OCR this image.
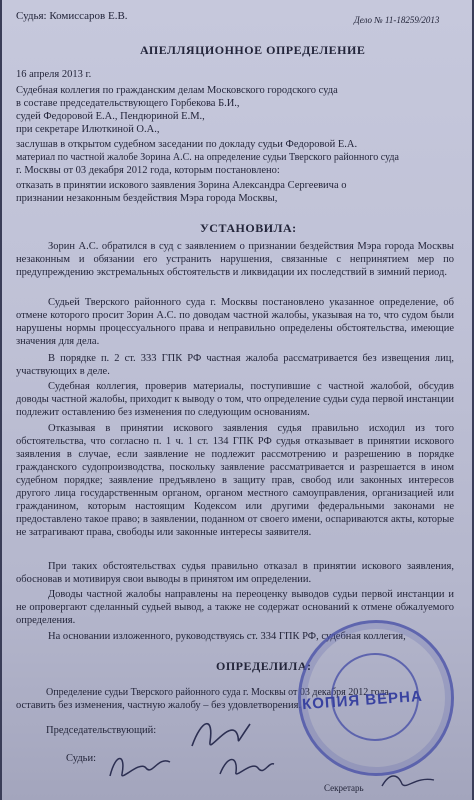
Судья: Комиссаров Е.В.	Дело № 11-18259/2013
АПЕЛЛЯЦИОННОЕ ОПРЕДЕЛЕНИЕ
16 апреля 2013 г.
Судебная коллегия по гражданским делам Московского городского суда
в составе председательствующего Горбекова Б.И.,
судей Федоровой Е.А., Пендюриной Е.М.,
при секретаре Илюткиной О.А.,
заслушав в открытом судебном заседании по докладу судьи Федоровой Е.А.
материал по частной жалобе Зорина А.С. на определение судьи Тверского районного суда
г. Москвы от 03 декабря 2012 года, которым постановлено:
отказать в принятии искового заявления Зорина Александра Сергеевича о
признании незаконным бездействия Мэра города Москвы,
УСТАНОВИЛА:
Зорин А.С. обратился в суд с заявлением о признании бездействия Мэра города Москвы незаконным и обязании его устранить нарушения, связанные с непринятием мер по предупреждению экстремальных обстоятельств и ликвидации их последствий в зимний период.
Судьей Тверского районного суда г. Москвы постановлено указанное определение, об отмене которого просит Зорин А.С. по доводам частной жалобы, указывая на то, что судом были нарушены нормы процессуального права и неправильно определены обстоятельства, имеющие значения для дела.
В порядке п. 2 ст. 333 ГПК РФ частная жалоба рассматривается без извещения лиц, участвующих в деле.
Судебная коллегия, проверив материалы, поступившие с частной жалобой, обсудив доводы частной жалобы, приходит к выводу о том, что определение судьи суда первой инстанции подлежит оставлению без изменения по следующим основаниям.
Отказывая в принятии искового заявления судья правильно исходил из того обстоятельства, что согласно п. 1 ч. 1 ст. 134 ГПК РФ судья отказывает в принятии искового заявления в случае, если заявление не подлежит рассмотрению и разрешению в порядке гражданского судопроизводства, поскольку заявление рассматривается и разрешается в ином судебном порядке; заявление предъявлено в защиту прав, свобод или законных интересов другого лица государственным органом, органом местного самоуправления, организацией или гражданином, которым настоящим Кодексом или другими федеральными законами не предоставлено такое право; в заявлении, поданном от своего имени, оспариваются акты, которые не затрагивают права, свободы или законные интересы заявителя.
При таких обстоятельствах судья правильно отказал в принятии искового заявления, обосновав и мотивируя свои выводы в принятом им определении.
Доводы частной жалобы направлены на переоценку выводов судьи первой инстанции и не опровергают сделанный судьей вывод, а также не содержат оснований к отмене обжалуемого определения.
На основании изложенного, руководствуясь ст. 334 ГПК РФ, судебная коллегия,
ОПРЕДЕЛИЛА:
Определение судьи Тверского районного суда г. Москвы от 03 декабря 2012 года
оставить без изменения, частную жалобу – без удовлетворения.
Председательствующий:
Судьи:
Секретарь
КОПИЯ ВЕРНА
